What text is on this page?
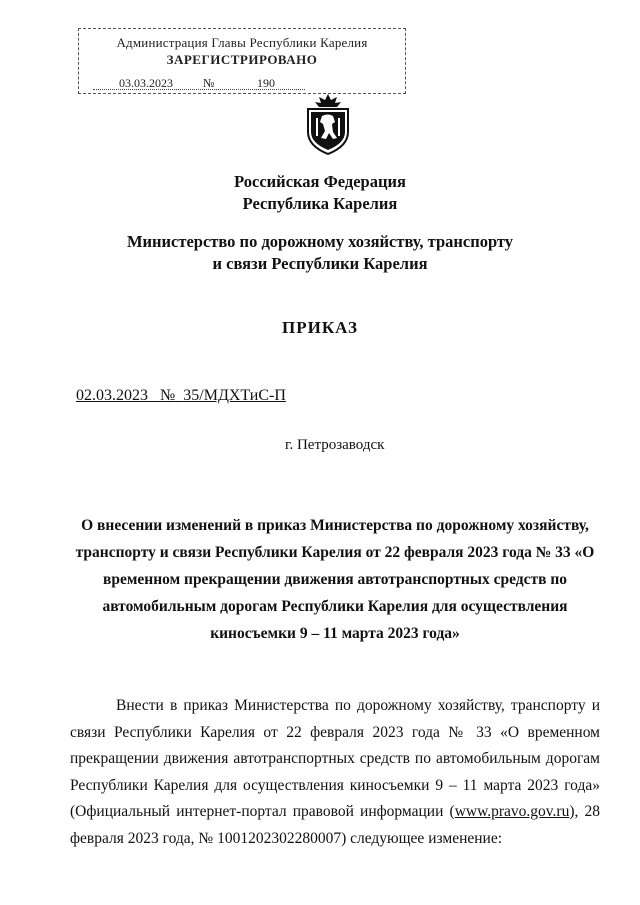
Администрация Главы Республики Карелия
ЗАРЕГИСТРИРОВАНО
03.03.2023	№	190
Российская Федерация
Республика Карелия
Министерство по дорожному хозяйству, транспорту
и связи Республики Карелия
ПРИКАЗ
02.03.2023 № 35/МДХТиС-П
г. Петрозаводск
О внесении изменений в приказ Министерства по дорожному хозяйству, транспорту и связи Республики Карелия от 22 февраля 2023 года № 33 «О временном прекращении движения автотранспортных средств по автомобильным дорогам Республики Карелия для осуществления киносъемки 9 – 11 марта 2023 года»

Внести в приказ Министерства по дорожному хозяйству, транспорту и связи Республики Карелия от 22 февраля 2023 года № 33 «О временном прекращении движения автотранспортных средств по автомобильным дорогам Республики Карелия для осуществления киносъемки 9 – 11 марта 2023 года» (Официальный интернет-портал правовой информации (www.pravo.gov.ru), 28 февраля 2023 года, № 1001202302280007) следующее изменение:
